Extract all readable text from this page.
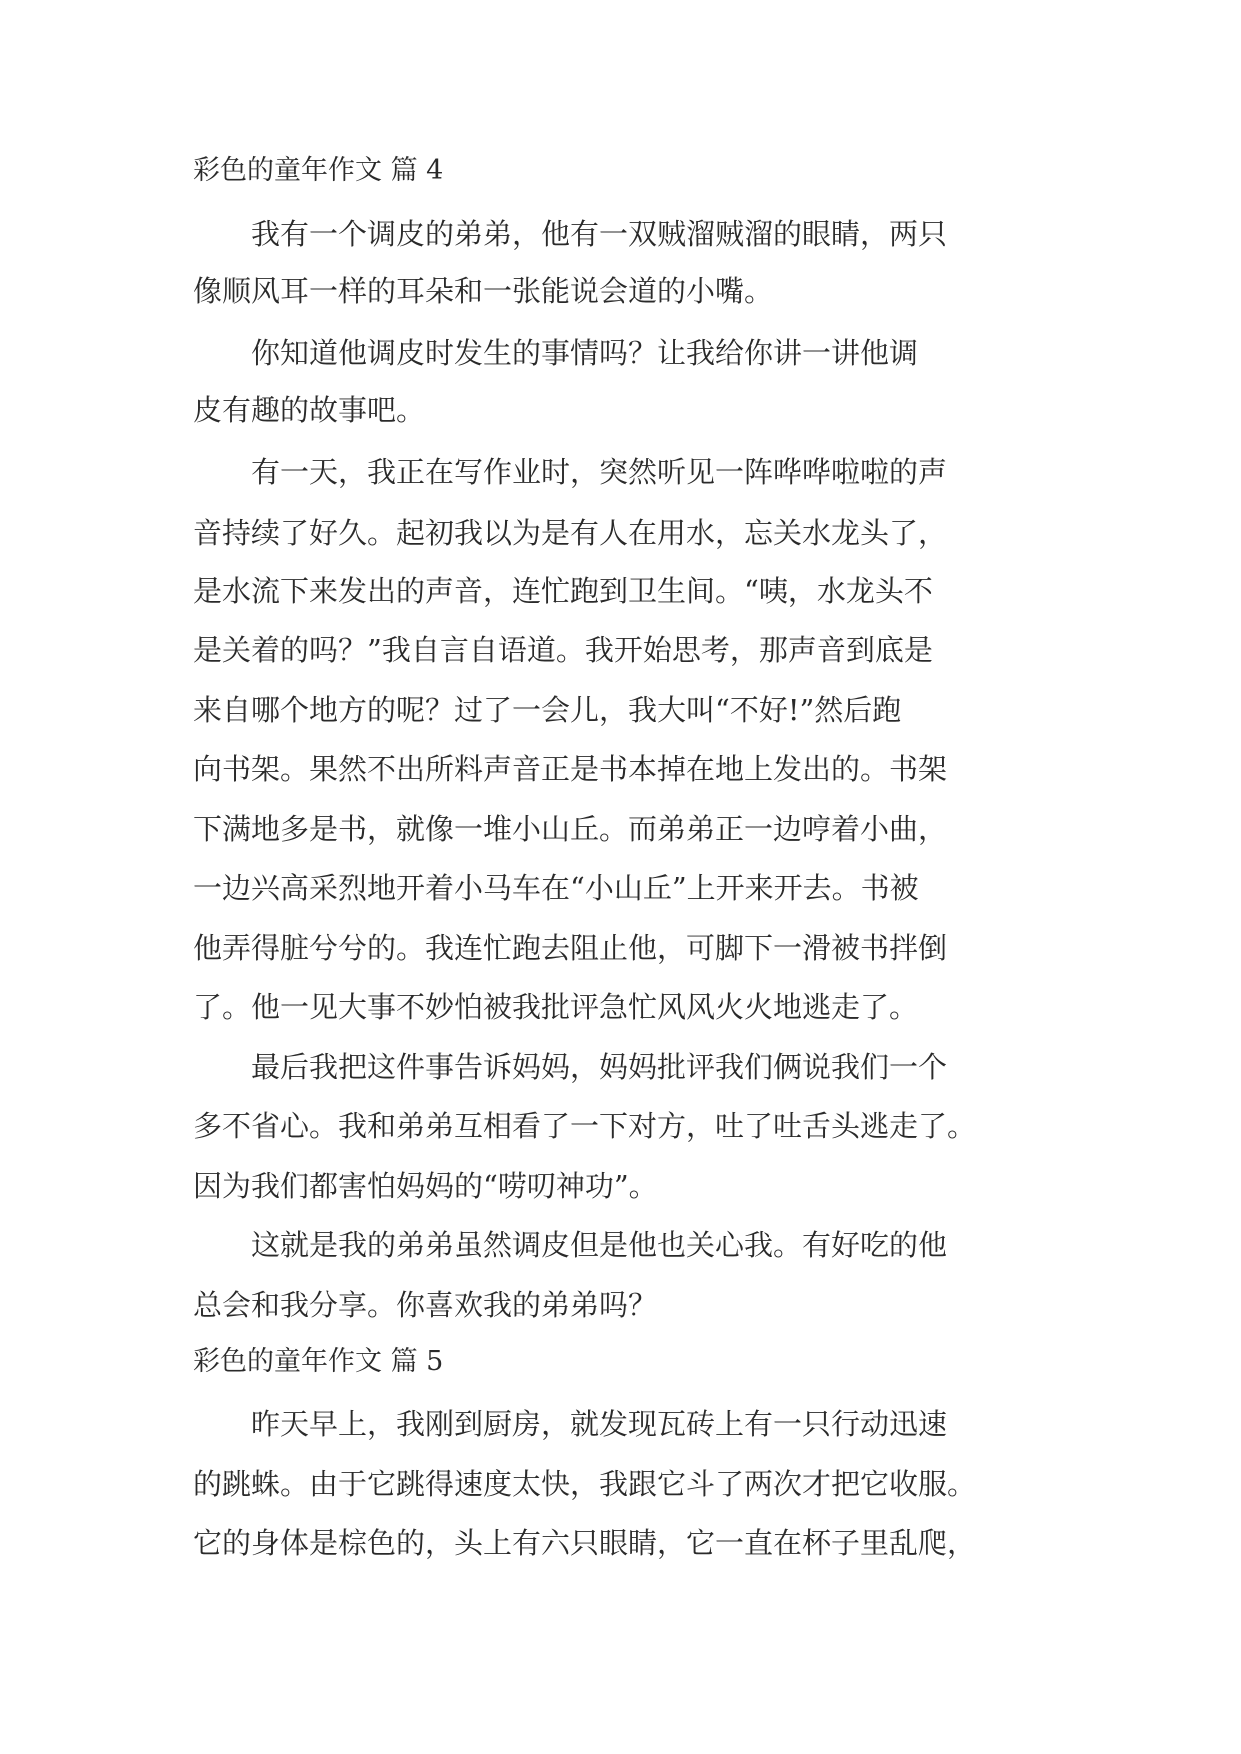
彩色的童年作文 篇 4
　　我有一个调皮的弟弟，他有一双贼溜贼溜的眼睛，两只
像顺风耳一样的耳朵和一张能说会道的小嘴。
　　你知道他调皮时发生的事情吗？让我给你讲一讲他调
皮有趣的故事吧。
　　有一天，我正在写作业时，突然听见一阵哗哗啦啦的声
音持续了好久。起初我以为是有人在用水，忘关水龙头了，
是水流下来发出的声音，连忙跑到卫生间。“咦，水龙头不
是关着的吗？”我自言自语道。我开始思考，那声音到底是
来自哪个地方的呢？过了一会儿，我大叫“不好!”然后跑
向书架。果然不出所料声音正是书本掉在地上发出的。书架
下满地多是书，就像一堆小山丘。而弟弟正一边哼着小曲，
一边兴高采烈地开着小马车在“小山丘”上开来开去。书被
他弄得脏兮兮的。我连忙跑去阻止他，可脚下一滑被书拌倒
了。他一见大事不妙怕被我批评急忙风风火火地逃走了。
　　最后我把这件事告诉妈妈，妈妈批评我们俩说我们一个
多不省心。我和弟弟互相看了一下对方，吐了吐舌头逃走了。
因为我们都害怕妈妈的“唠叨神功”。
　　这就是我的弟弟虽然调皮但是他也关心我。有好吃的他
总会和我分享。你喜欢我的弟弟吗？
彩色的童年作文 篇 5
　　昨天早上，我刚到厨房，就发现瓦砖上有一只行动迅速
的跳蛛。由于它跳得速度太快，我跟它斗了两次才把它收服。
它的身体是棕色的，头上有六只眼睛，它一直在杯子里乱爬，
